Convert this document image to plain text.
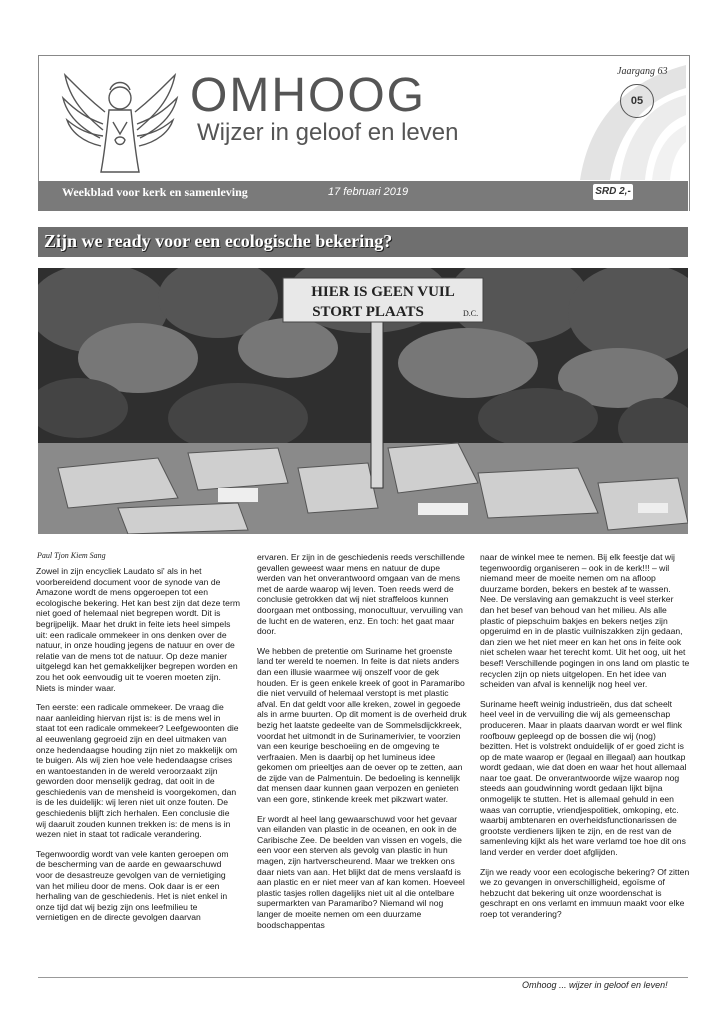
OMHOOG
Wijzer in geloof en leven
Jaargang 63
05
Weekblad voor kerk en samenleving	17 februari 2019	SRD 2,-
Zijn we ready voor een ecologische bekering?
HIER IS GEEN VUIL
STORT PLAATS	D.C.
Paul Tjon Kiem Sang

Zowel in zijn encycliek Laudato si' als in het voorbereidend document voor de synode van de Amazone wordt de mens opgeroepen tot een ecologische bekering. Het kan best zijn dat deze term niet goed of helemaal niet begrepen wordt. Dit is begrijpelijk. Maar het drukt in feite iets heel simpels uit: een radicale ommekeer in ons denken over de natuur, in onze houding jegens de natuur en over de relatie van de mens tot de natuur. Op deze manier uitgelegd kan het gemakkelijker begrepen worden en zou het ook eenvoudig uit te voeren moeten zijn. Niets is minder waar.

Ten eerste: een radicale ommekeer. De vraag die naar aanleiding hiervan rijst is: is de mens wel in staat tot een radicale ommekeer? Leefgewoonten die al eeuwenlang gegroeid zijn en deel uitmaken van onze hedendaagse houding zijn niet zo makkelijk om te buigen. Als wij zien hoe vele hedendaagse crises en wantoestanden in de wereld veroorzaakt zijn geworden door menselijk gedrag, dat ooit in de geschiedenis van de mensheid is voorgekomen, dan is de les duidelijk: wij leren niet uit onze fouten. De geschiedenis blijft zich herhalen. Een conclusie die wij daaruit zouden kunnen trekken is: de mens is in wezen niet in staat tot radicale verandering.

Tegenwoordig wordt van vele kanten geroepen om de bescherming van de aarde en gewaarschuwd voor de desastreuze gevolgen van de vernietiging van het milieu door de mens. Ook daar is er een herhaling van de geschiedenis. Het is niet enkel in onze tijd dat wij bezig zijn ons leefmilieu te vernietigen en de directe gevolgen daarvan

ervaren. Er zijn in de geschiedenis reeds verschillende gevallen geweest waar mens en natuur de dupe werden van het onverantwoord omgaan van de mens met de aarde waarop wij leven. Toen reeds werd de conclusie getrokken dat wij niet straffeloos kunnen doorgaan met ontbossing, monocultuur, vervuiling van de lucht en de wateren, enz. En toch: het gaat maar door.

We hebben de pretentie om Suriname het groenste land ter wereld te noemen. In feite is dat niets anders dan een illusie waarmee wij onszelf voor de gek houden. Er is geen enkele kreek of goot in Paramaribo die niet vervuild of helemaal verstopt is met plastic afval. En dat geldt voor alle kreken, zowel in gegoede als in arme buurten. Op dit moment is de overheid druk bezig het laatste gedeelte van de Sommelsdijckkreek, voordat het uitmondt in de Surinamerivier, te voorzien van een keurige beschoeiing en de omgeving te verfraaien. Men is daarbij op het lumineus idee gekomen om prieeltjes aan de oever op te zetten, aan de zijde van de Palmentuin. De bedoeling is kennelijk dat mensen daar kunnen gaan verpozen en genieten van een gore, stinkende kreek met pikzwart water.

Er wordt al heel lang gewaarschuwd voor het gevaar van eilanden van plastic in de oceanen, en ook in de Caribische Zee. De beelden van vissen en vogels, die een voor een sterven als gevolg van plastic in hun magen, zijn hartverscheurend. Maar we trekken ons daar niets van aan. Het blijkt dat de mens verslaafd is aan plastic en er niet meer van af kan komen. Hoeveel plastic tasjes rollen dagelijks niet uit al die ontelbare supermarkten van Paramaribo? Niemand wil nog langer de moeite nemen om een duurzame boodschappentas

naar de winkel mee te nemen. Bij elk feestje dat wij tegenwoordig organiseren – ook in de kerk!!! – wil niemand meer de moeite nemen om na afloop duurzame borden, bekers en bestek af te wassen. Nee. De verslaving aan gemakzucht is veel sterker dan het besef van behoud van het milieu. Als alle plastic of piepschuim bakjes en bekers netjes zijn opgeruimd en in de plastic vuilniszakken zijn gedaan, dan zien we het niet meer en kan het ons in feite ook niet schelen waar het terecht komt. Uit het oog, uit het besef! Verschillende pogingen in ons land om plastic te recyclen zijn op niets uitgelopen. En het idee van scheiden van afval is kennelijk nog heel ver.

Suriname heeft weinig industrieën, dus dat scheelt heel veel in de vervuiling die wij als gemeenschap produceren. Maar in plaats daarvan wordt er wel flink roofbouw gepleegd op de bossen die wij (nog) bezitten. Het is volstrekt onduidelijk of er goed zicht is op de mate waarop er (legaal en illegaal) aan houtkap wordt gedaan, wie dat doen en waar het hout allemaal naar toe gaat. De onverantwoorde wijze waarop nog steeds aan goudwinning wordt gedaan lijkt bijna onmogelijk te stutten. Het is allemaal gehuld in een waas van corruptie, vriendjespolitiek, omkoping, etc. waarbij ambtenaren en overheidsfunctionarissen de grootste verdieners lijken te zijn, en de rest van de samenleving kijkt als het ware verlamd toe hoe dit ons land verder en verder doet afglijden.

Zijn we ready voor een ecologische bekering? Of zitten we zo gevangen in onverschilligheid, egoïsme of hebzucht dat bekering uit onze woordenschat is geschrapt en ons verlamt en immuun maakt voor elke roep tot verandering?

Omhoog ... wijzer in geloof en leven!
